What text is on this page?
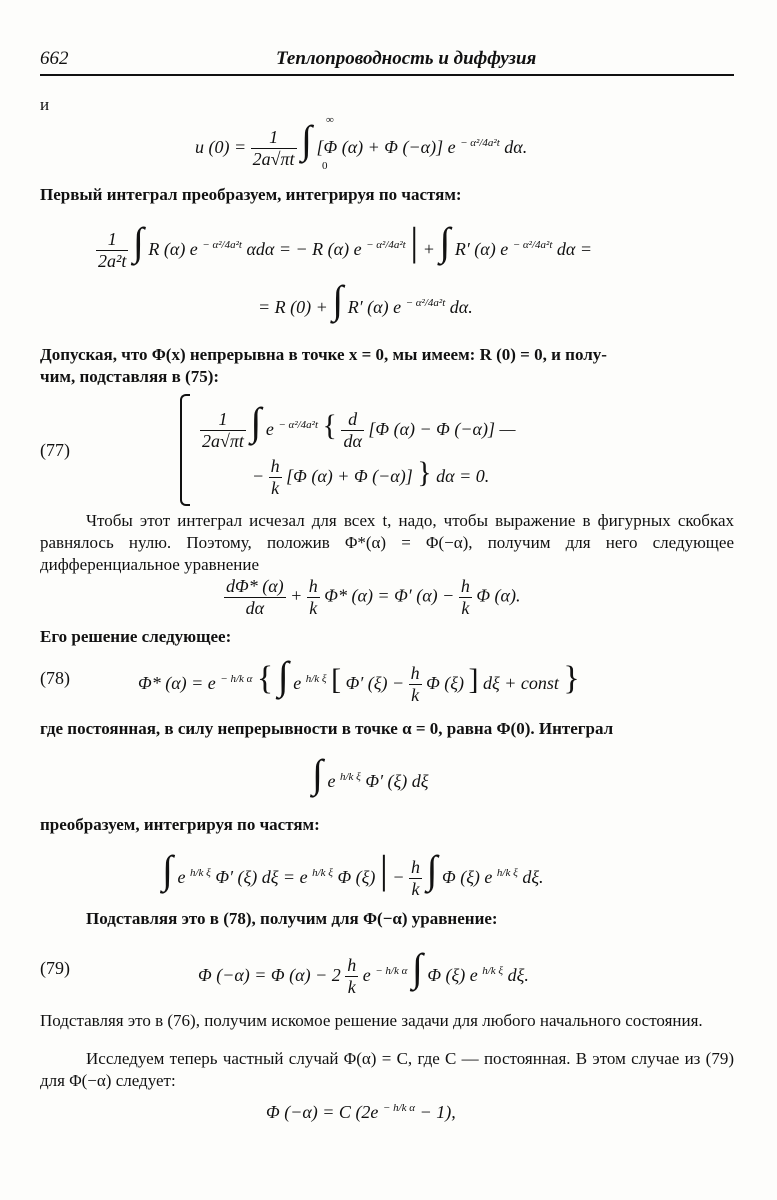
662	Теплопроводность и диффузия
и
u $(0) = \frac{1}{2a√\pi t}$ ∫ [Φ (α) + Φ (−α)] e $^{- \alpha^2/4a^2t}$ dα.
∞
0
Первый интеграл преобразуем, интегрируя по частям:
$\frac{1}{\text{2a²t}}$ ∫ R (α) e $^{- \alpha^2/4a^2t}$ αdα = − R (α) e $^{- \alpha^2/4a^2t}$ | + ∫ R′ (α) e $^{- \alpha^2/4a^2t}$ dα =
= R (0) + ∫ R′ (α) e $^{- \alpha^2/4a^2t}$ dα.
Допуская, что Φ(x) непрерывна в точке x = 0, мы имеем: R (0) = 0, и полу-
чим, подставляя в (75):
(77)	$\frac{1}{2a√\pi t}$ ∫ e $^{- \alpha^2/4a^2t}$ { $\frac{d}{d\alpha} [\Phi$ (α) − Φ (−α)] —
− $\frac{h}{k} [\Phi$ (α) + Φ (−α)] } dα = 0.
Чтобы этот интеграл исчезал для всех t, надо, чтобы выражение в фигурных скобках равнялось нулю. Поэтому, положив Φ*(α) = Φ(−α), получим для него следующее дифференциальное уравнение
$\frac{d\Phi* (\alpha)}{d\alpha} + \frac{h}{k} \Phi*$ (α) = Φ′ $(\alpha) - \frac{h}{k}$ Φ (α).
Его решение следующее:
(78)	Φ* (α) = e $^{- h/k \alpha}$ { ∫ e $^{h/k \xi}$ [ Φ′ $(\xi) - \frac{h}{k}$ Φ (ξ) ] dξ + const }
где постоянная, в силу непрерывности в точке α = 0, равна Φ(0). Интеграл
∫ e $^{h/k \xi}$ Φ′ (ξ) dξ
преобразуем, интегрируя по частям:
∫ e $^{h/k \xi}$ Φ′ (ξ) dξ = e $^{h/k \xi}$ Φ (ξ) | − $\frac{h}{k}$ ∫ Φ (ξ) e $^{h/k \xi}$ dξ.
Подставляя это в (78), получим для Φ(−α) уравнение:
(79)	Φ (−α) = Φ $(\alpha) - 2 \frac{h}{k}$ e $^{- h/k \alpha}$ ∫ Φ (ξ) e $^{h/k \xi}$ dξ.
Подставляя это в (76), получим искомое решение задачи для любого начального состояния.
Исследуем теперь частный случай Φ(α) = C, где C — постоянная. В этом случае из (79) для Φ(−α) следует:
Φ (−α) = C (2e $^{- h/k \alpha}$ − 1),
